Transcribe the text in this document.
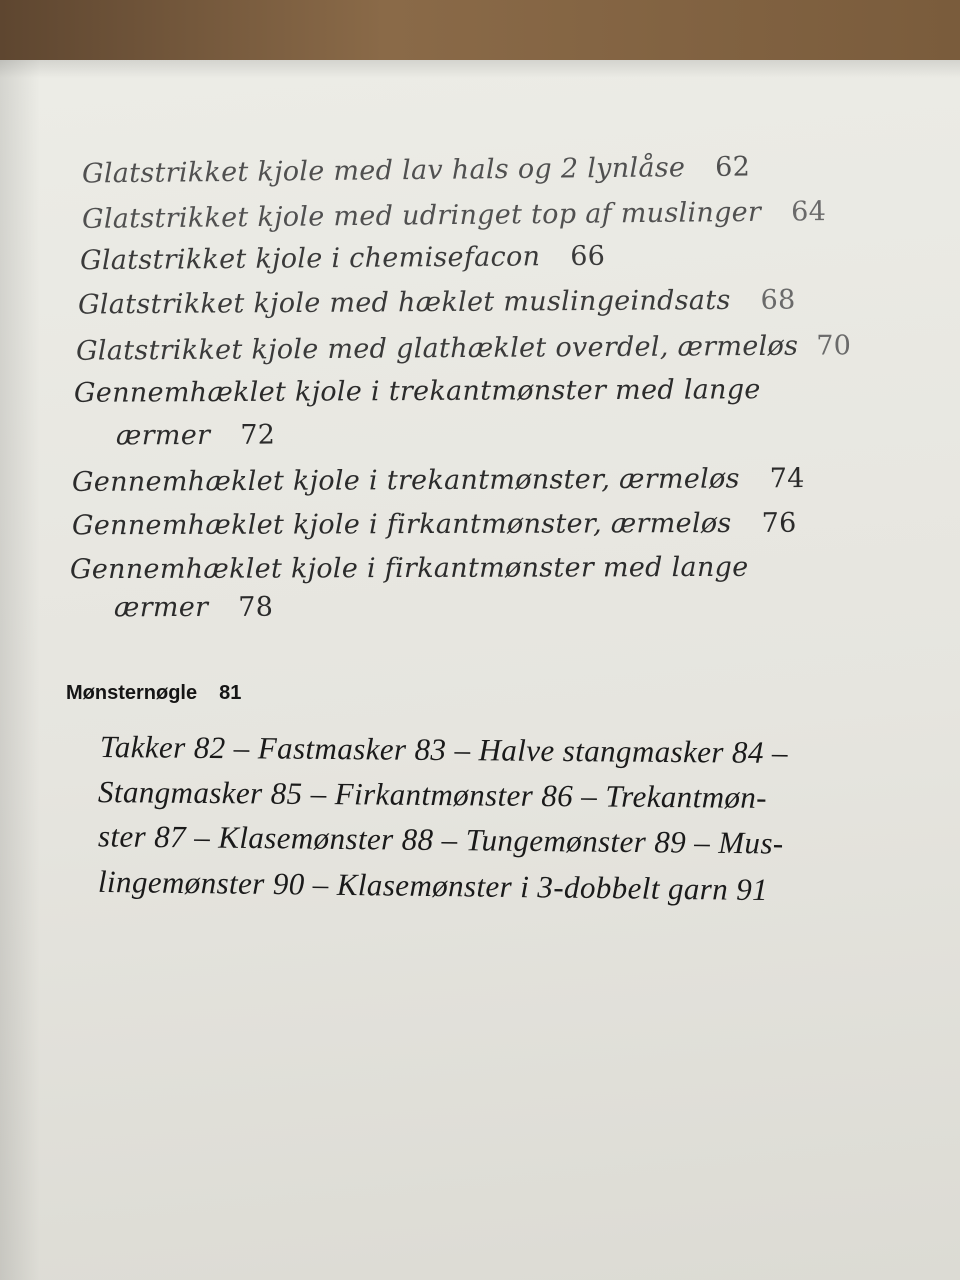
Glatstrikket kjole med lav hals og 2 lynlåse 62
Glatstrikket kjole med udringet top af muslinger 64
Glatstrikket kjole i chemisefacon 66
Glatstrikket kjole med hæklet muslingeindsats 68
Glatstrikket kjole med glathæklet overdel, ærmeløs 70
Gennemhæklet kjole i trekantmønster med lange
ærmer 72
Gennemhæklet kjole i trekantmønster, ærmeløs 74
Gennemhæklet kjole i firkantmønster, ærmeløs 76
Gennemhæklet kjole i firkantmønster med lange
ærmer 78
Mønsternøgle 81
Takker 82 – Fastmasker 83 – Halve stangmasker 84 –
Stangmasker 85 – Firkantmønster 86 – Trekantmøn-
ster 87 – Klasemønster 88 – Tungemønster 89 – Mus-
lingemønster 90 – Klasemønster i 3-dobbelt garn 91
